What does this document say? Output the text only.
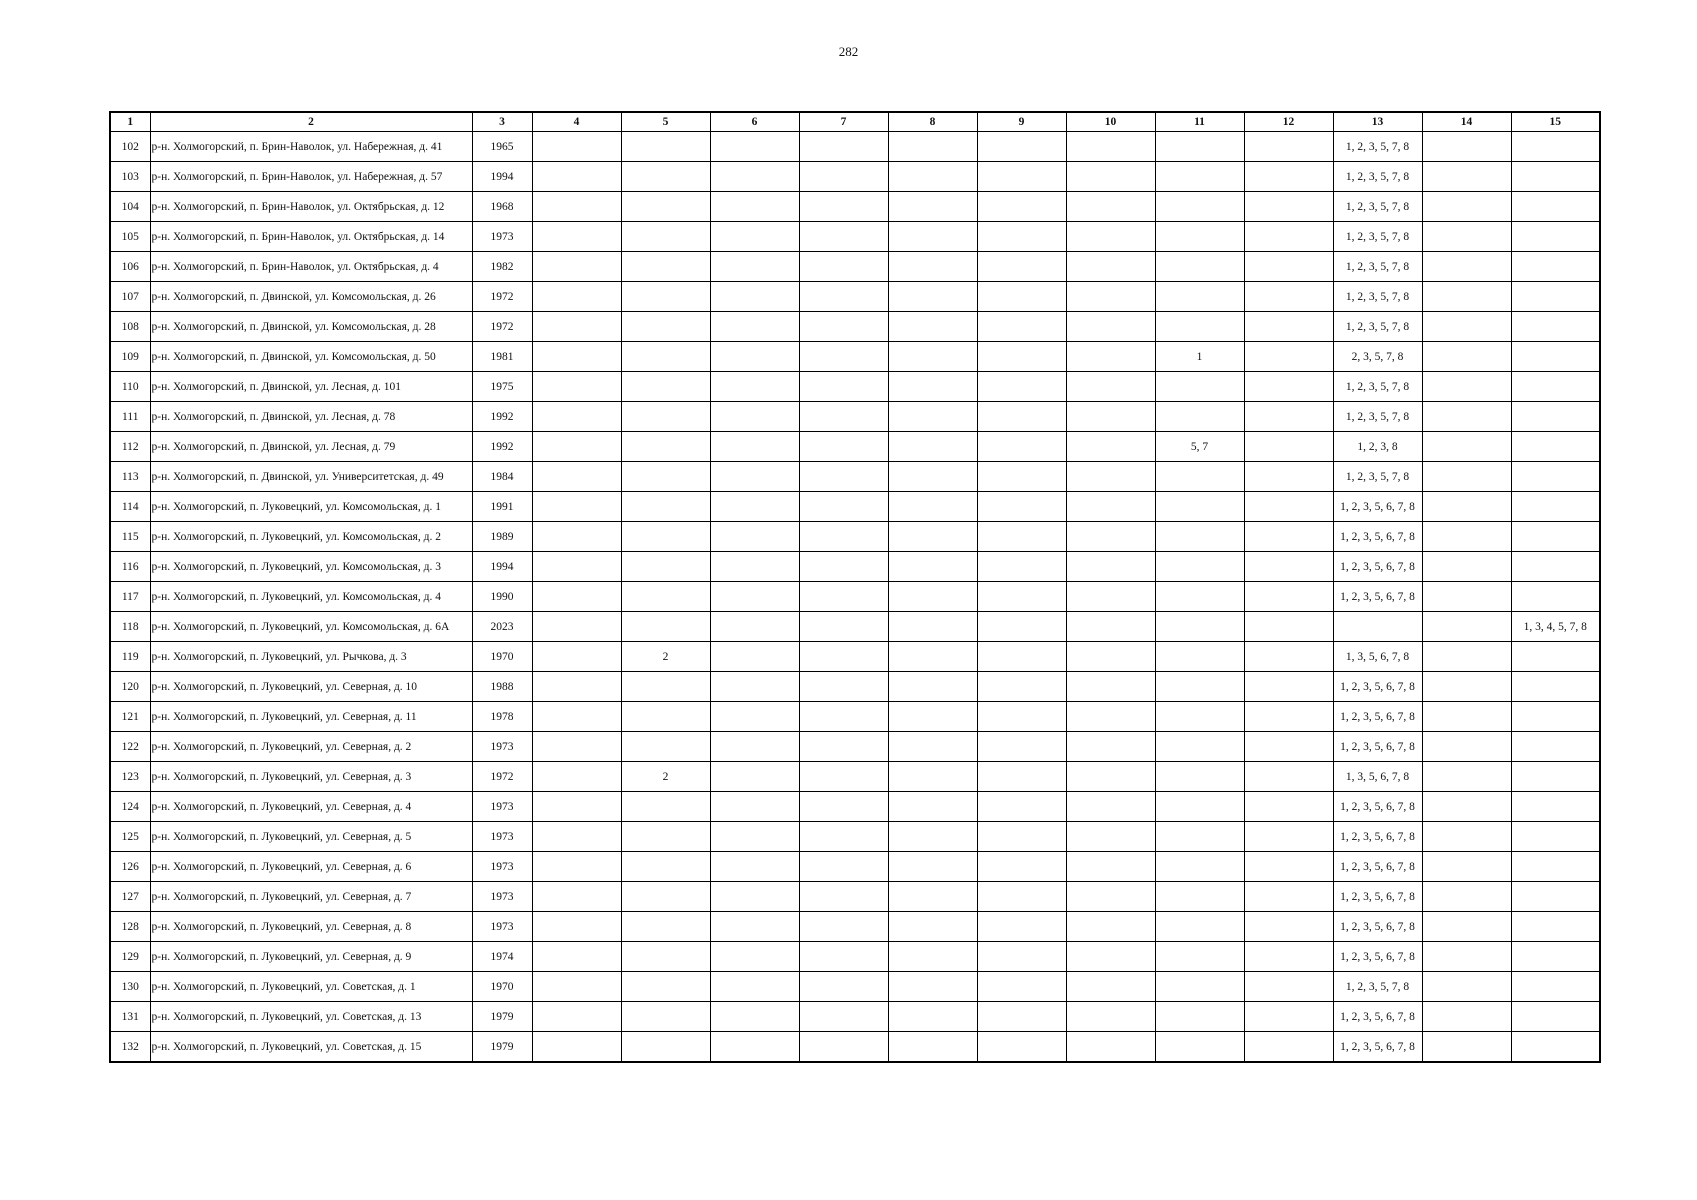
282
1	2	3	4	5	6	7	8	9	10	11	12	13	14	15
102	р-н. Холмогорский, п. Брин-Наволок, ул. Набережная, д. 41	1965										1, 2, 3, 5, 7, 8		
103	р-н. Холмогорский, п. Брин-Наволок, ул. Набережная, д. 57	1994										1, 2, 3, 5, 7, 8		
104	р-н. Холмогорский, п. Брин-Наволок, ул. Октябрьская, д. 12	1968										1, 2, 3, 5, 7, 8		
105	р-н. Холмогорский, п. Брин-Наволок, ул. Октябрьская, д. 14	1973										1, 2, 3, 5, 7, 8		
106	р-н. Холмогорский, п. Брин-Наволок, ул. Октябрьская, д. 4	1982										1, 2, 3, 5, 7, 8		
107	р-н. Холмогорский, п. Двинской, ул. Комсомольская, д. 26	1972										1, 2, 3, 5, 7, 8		
108	р-н. Холмогорский, п. Двинской, ул. Комсомольская, д. 28	1972										1, 2, 3, 5, 7, 8		
109	р-н. Холмогорский, п. Двинской, ул. Комсомольская, д. 50	1981								1		2, 3, 5, 7, 8		
110	р-н. Холмогорский, п. Двинской, ул. Лесная, д. 101	1975										1, 2, 3, 5, 7, 8		
111	р-н. Холмогорский, п. Двинской, ул. Лесная, д. 78	1992										1, 2, 3, 5, 7, 8		
112	р-н. Холмогорский, п. Двинской, ул. Лесная, д. 79	1992								5, 7		1, 2, 3, 8		
113	р-н. Холмогорский, п. Двинской, ул. Университетская, д. 49	1984										1, 2, 3, 5, 7, 8		
114	р-н. Холмогорский, п. Луковецкий, ул. Комсомольская, д. 1	1991										1, 2, 3, 5, 6, 7, 8		
115	р-н. Холмогорский, п. Луковецкий, ул. Комсомольская, д. 2	1989										1, 2, 3, 5, 6, 7, 8		
116	р-н. Холмогорский, п. Луковецкий, ул. Комсомольская, д. 3	1994										1, 2, 3, 5, 6, 7, 8		
117	р-н. Холмогорский, п. Луковецкий, ул. Комсомольская, д. 4	1990										1, 2, 3, 5, 6, 7, 8		
118	р-н. Холмогорский, п. Луковецкий, ул. Комсомольская, д. 6А	2023												1, 3, 4, 5, 7, 8
119	р-н. Холмогорский, п. Луковецкий, ул. Рычкова, д. 3	1970		2								1, 3, 5, 6, 7, 8		
120	р-н. Холмогорский, п. Луковецкий, ул. Северная, д. 10	1988										1, 2, 3, 5, 6, 7, 8		
121	р-н. Холмогорский, п. Луковецкий, ул. Северная, д. 11	1978										1, 2, 3, 5, 6, 7, 8		
122	р-н. Холмогорский, п. Луковецкий, ул. Северная, д. 2	1973										1, 2, 3, 5, 6, 7, 8		
123	р-н. Холмогорский, п. Луковецкий, ул. Северная, д. 3	1972		2								1, 3, 5, 6, 7, 8		
124	р-н. Холмогорский, п. Луковецкий, ул. Северная, д. 4	1973										1, 2, 3, 5, 6, 7, 8		
125	р-н. Холмогорский, п. Луковецкий, ул. Северная, д. 5	1973										1, 2, 3, 5, 6, 7, 8		
126	р-н. Холмогорский, п. Луковецкий, ул. Северная, д. 6	1973										1, 2, 3, 5, 6, 7, 8		
127	р-н. Холмогорский, п. Луковецкий, ул. Северная, д. 7	1973										1, 2, 3, 5, 6, 7, 8		
128	р-н. Холмогорский, п. Луковецкий, ул. Северная, д. 8	1973										1, 2, 3, 5, 6, 7, 8		
129	р-н. Холмогорский, п. Луковецкий, ул. Северная, д. 9	1974										1, 2, 3, 5, 6, 7, 8		
130	р-н. Холмогорский, п. Луковецкий, ул. Советская, д. 1	1970										1, 2, 3, 5, 7, 8		
131	р-н. Холмогорский, п. Луковецкий, ул. Советская, д. 13	1979										1, 2, 3, 5, 6, 7, 8		
132	р-н. Холмогорский, п. Луковецкий, ул. Советская, д. 15	1979										1, 2, 3, 5, 6, 7, 8		
